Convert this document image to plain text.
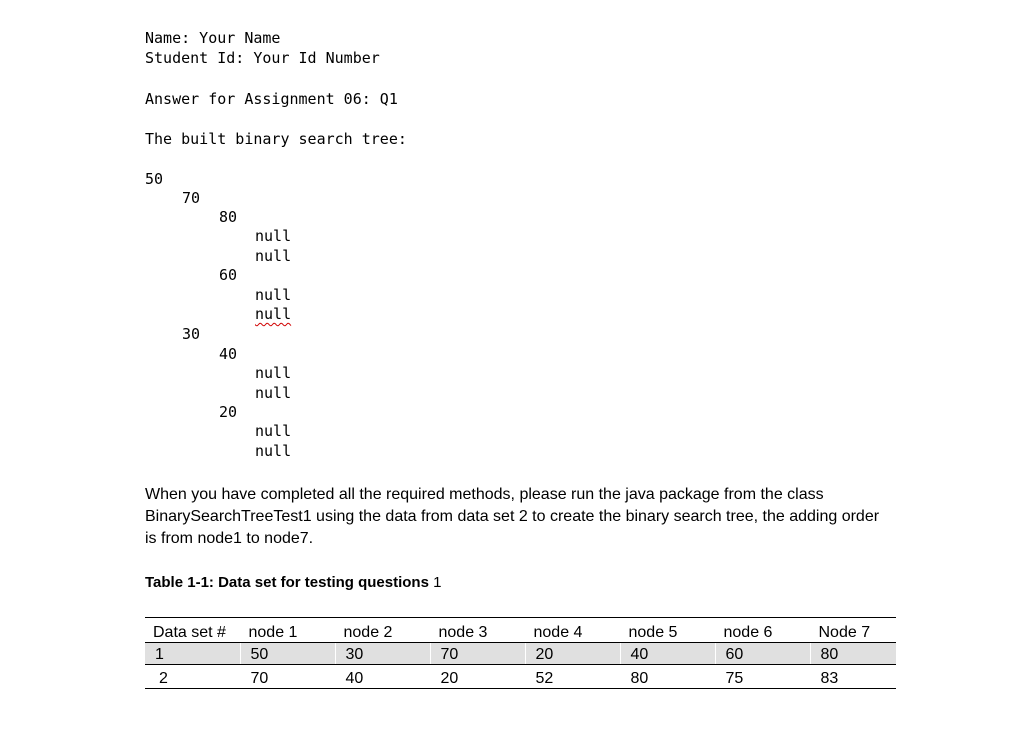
Name: Your Name
Student Id: Your Id Number
Answer for Assignment 06: Q1
The built binary search tree:
50
70
80
null
null
60
null
null
30
40
null
null
20
null
null
When you have completed all the required methods, please run the java package from the class BinarySearchTreeTest1 using the data from data set 2 to create the binary search tree, the adding order is from node1 to node7.
Table 1-1: Data set for testing questions 1
Data set #	node 1	node 2	node 3	node 4	node 5	node 6	Node 7

1	50	30	70	20	40	60	80

2	70	40	20	52	80	75	83
